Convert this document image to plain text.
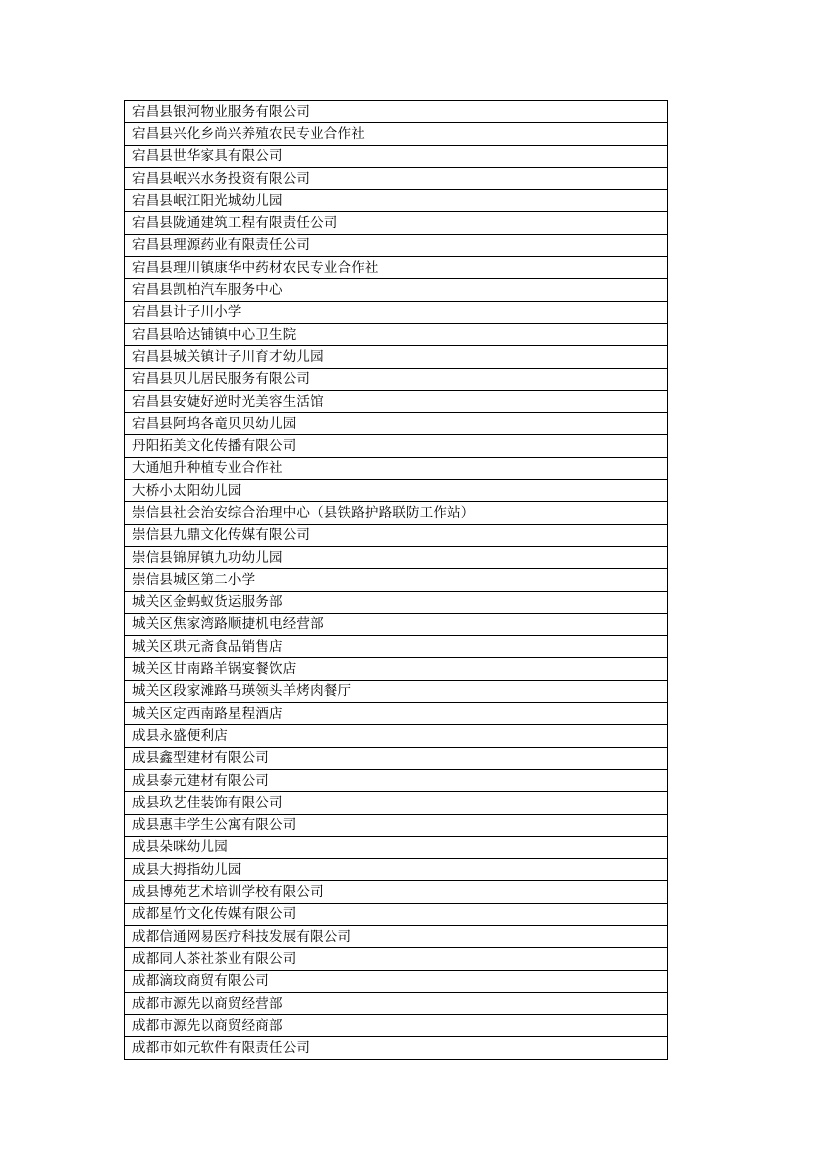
宕昌县银河物业服务有限公司
宕昌县兴化乡尚兴养殖农民专业合作社
宕昌县世华家具有限公司
宕昌县岷兴水务投资有限公司
宕昌县岷江阳光城幼儿园
宕昌县陇通建筑工程有限责任公司
宕昌县理源药业有限责任公司
宕昌县理川镇康华中药材农民专业合作社
宕昌县凯柏汽车服务中心
宕昌县计子川小学
宕昌县哈达铺镇中心卫生院
宕昌县城关镇计子川育才幼儿园
宕昌县贝儿居民服务有限公司
宕昌县安婕好逆时光美容生活馆
宕昌县阿坞各竜贝贝幼儿园
丹阳拓美文化传播有限公司
大通旭升种植专业合作社
大桥小太阳幼儿园
崇信县社会治安综合治理中心（县铁路护路联防工作站）
崇信县九鼎文化传媒有限公司
崇信县锦屏镇九功幼儿园
崇信县城区第二小学
城关区金蚂蚁货运服务部
城关区焦家湾路顺捷机电经营部
城关区珙元斋食品销售店
城关区甘南路羊锅宴餐饮店
城关区段家滩路马瑛领头羊烤肉餐厅
城关区定西南路星程酒店
成县永盛便利店
成县鑫型建材有限公司
成县泰元建材有限公司
成县玖艺佳装饰有限公司
成县惠丰学生公寓有限公司
成县朵咪幼儿园
成县大拇指幼儿园
成县博苑艺术培训学校有限公司
成都星竹文化传媒有限公司
成都信通网易医疗科技发展有限公司
成都同人茶社茶业有限公司
成都滴玟商贸有限公司
成都市源先以商贸经营部
成都市源先以商贸经商部
成都市如元软件有限责任公司
